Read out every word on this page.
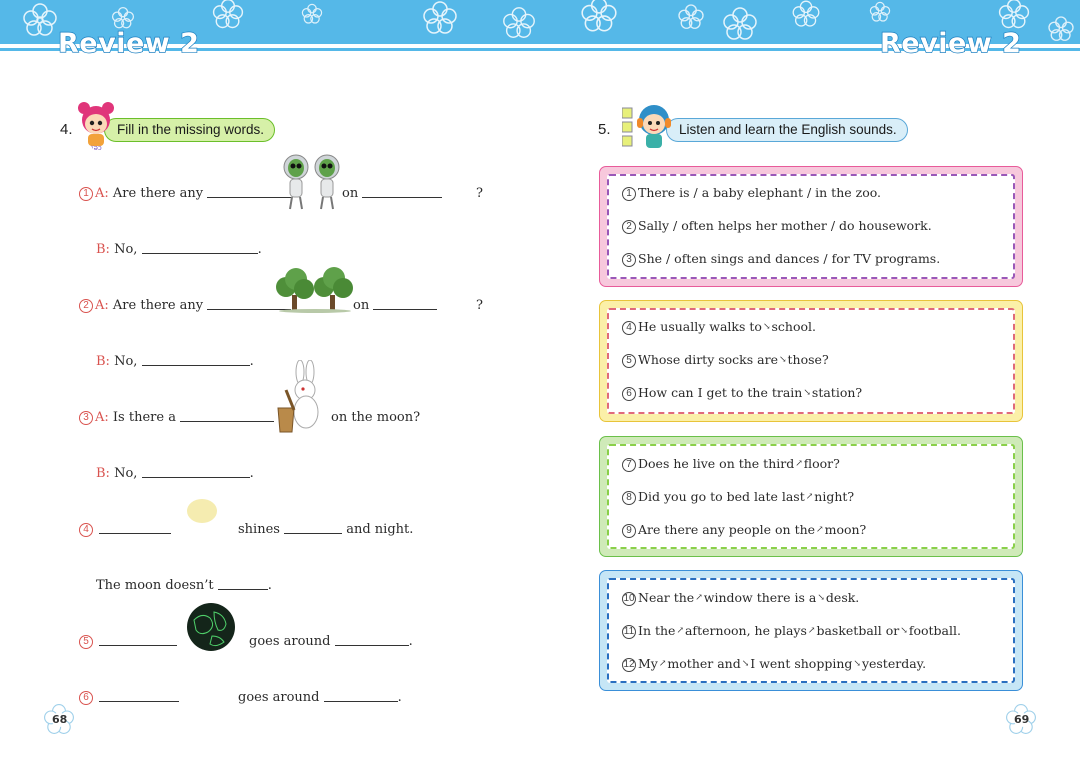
Review 2	Review 2
4.	Fill in the missing words.
ᵞəɔ
1 A: Are there any	on	?
B: No,	.
2 A: Are there any	on	?
B: No,	.
3 A: Is there a	on the moon?
B: No,	.
4	shines	and night.
The moon doesn’t	.
5	goes around	.
6	goes around	.
5.	Listen and learn the English sounds.
1 There is / a baby elephant / in the zoo.
2 Sally / often helps her mother / do housework.
3 She / often sings and dances / for TV programs.
4 He usually walks to↘school.
5 Whose dirty socks are↘those?
6 How can I get to the train↘station?
7 Does he live on the third↗floor?
8 Did you go to bed late last↗night?
9 Are there any people on the↗moon?
10 Near the↗window there is a↘desk.
11 In the↗afternoon, he plays↗basketball or↘football.
12 My↗mother and↘I went shopping↘yesterday.
68	69
